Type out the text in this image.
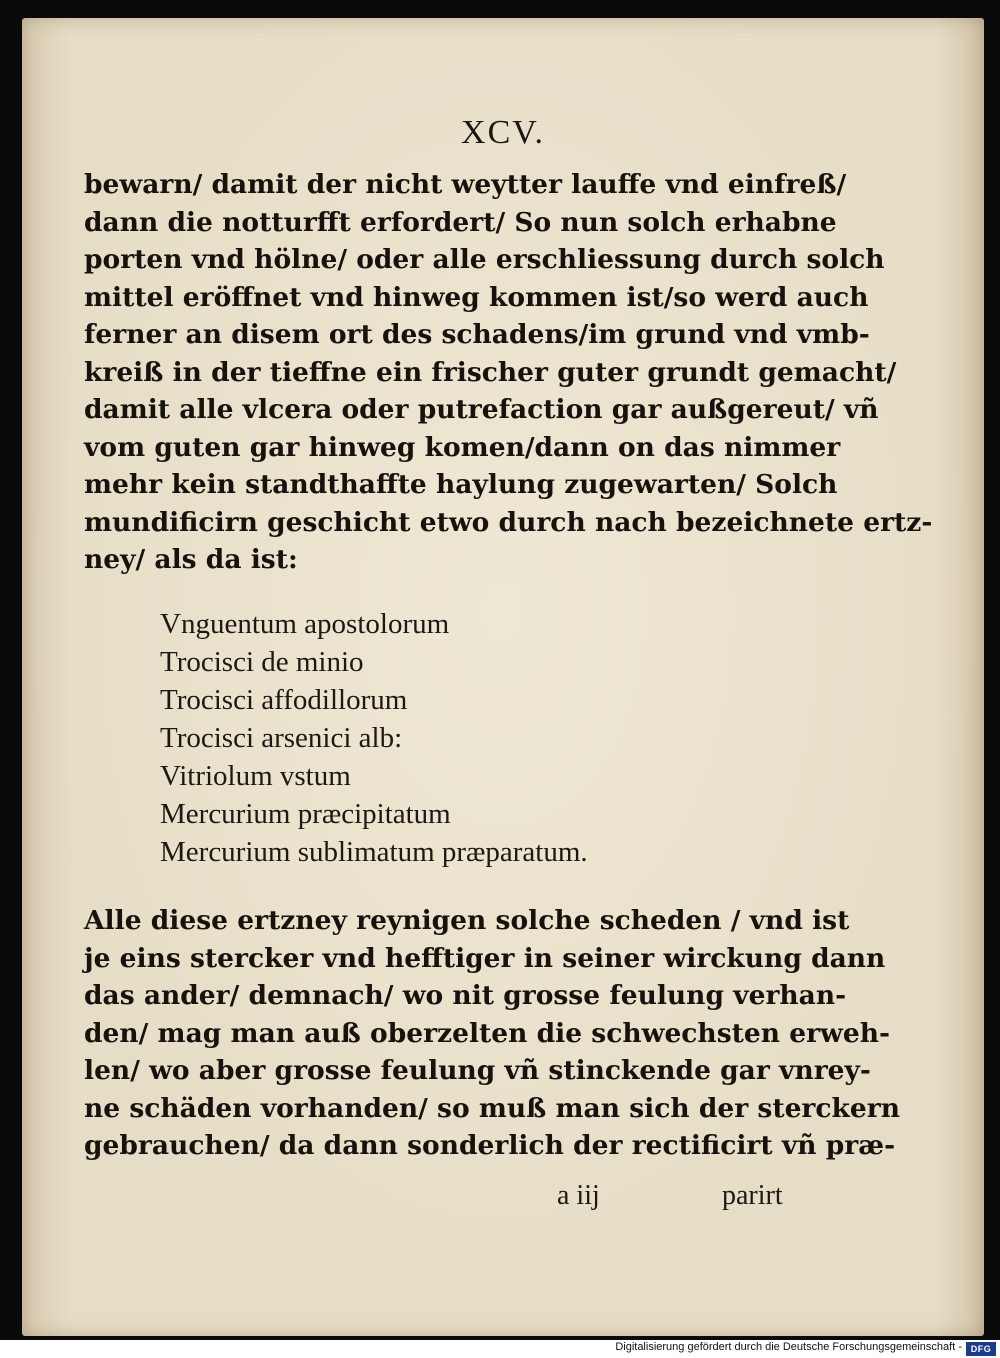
XCV.
bewarn/ damit der nicht weytter lauffe vnd einfreß/
dann die notturfft erfordert/ So nun solch erhabne
porten vnd hölne/ oder alle erschliessung durch solch
mittel eröffnet vnd hinweg kommen ist/so werd auch
ferner an disem ort des schadens/im grund vnd vmb-
kreiß in der tieffne ein frischer guter grundt gemacht/
damit alle vlcera oder putrefaction gar außgereut/ vñ
vom guten gar hinweg komen/dann on das nimmer
mehr kein standthaffte haylung zugewarten/ Solch
mundificirn geschicht etwo durch nach bezeichnete ertz-
ney/ als da ist:
Vnguentum apostolorum
Trocisci de minio
Trocisci affodillorum
Trocisci arsenici alb:
Vitriolum vstum
Mercurium præcipitatum
Mercurium sublimatum præparatum.
Alle diese ertzney reynigen solche scheden / vnd ist
je eins stercker vnd hefftiger in seiner wirckung dann
das ander/ demnach/ wo nit grosse feulung verhan-
den/ mag man auß oberzelten die schwechsten erweh-
len/ wo aber grosse feulung vñ stinckende gar vnrey-
ne schäden vorhanden/ so muß man sich der sterckern
gebrauchen/ da dann sonderlich der rectificirt vñ præ-
a iij	parirt
Digitalisierung gefördert durch die Deutsche Forschungsgemeinschaft - DFG
